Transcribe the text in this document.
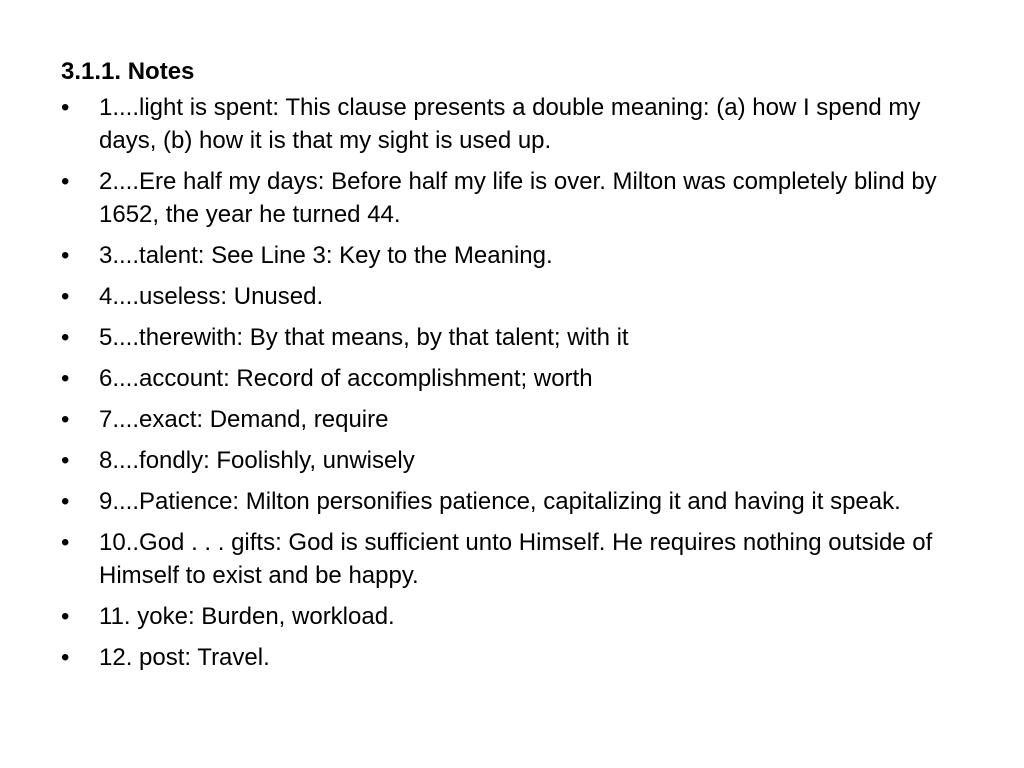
3.1.1. Notes
•	1....light is spent: This clause presents a double meaning: (a) how I spend my days, (b) how it is that my sight is used up.
•	2....Ere half my days: Before half my life is over. Milton was completely blind by 1652, the year he turned 44.
•	3....talent: See Line 3: Key to the Meaning.
•	4....useless: Unused.
•	5....therewith: By that means, by that talent; with it
•	6....account: Record of accomplishment; worth
•	7....exact: Demand, require
•	8....fondly: Foolishly, unwisely
•	9....Patience: Milton personifies patience, capitalizing it and having it speak.
•	10..God . . . gifts: God is sufficient unto Himself. He requires nothing outside of Himself to exist and be happy.
•	11. yoke: Burden, workload.
•	12. post: Travel.
